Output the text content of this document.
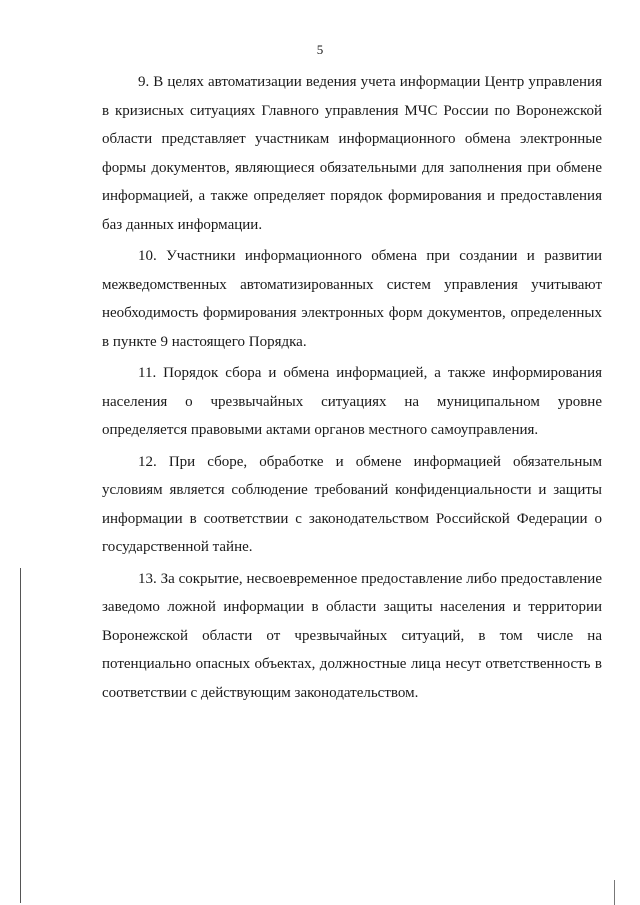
5

9. В целях автоматизации ведения учета информации Центр управления в кризисных ситуациях Главного управления МЧС России по Воронежской области представляет участникам информационного обмена электронные формы документов, являющиеся обязательными для заполнения при обмене информацией, а также определяет порядок формирования и предоставления баз данных информации.

10. Участники информационного обмена при создании и развитии межведомственных автоматизированных систем управления учитывают необходимость формирования электронных форм документов, определенных в пункте 9 настоящего Порядка.

11. Порядок сбора и обмена информацией, а также информирования населения о чрезвычайных ситуациях на муниципальном уровне определяется правовыми актами органов местного самоуправления.

12. При сборе, обработке и обмене информацией обязательным условиям является соблюдение требований конфиденциальности и защиты информации в соответствии с законодательством Российской Федерации о государственной тайне.

13. За сокрытие, несвоевременное предоставление либо предоставление заведомо ложной информации в области защиты населения и территории Воронежской области от чрезвычайных ситуаций, в том числе на потенциально опасных объектах, должностные лица несут ответственность в соответствии с действующим законодательством.
